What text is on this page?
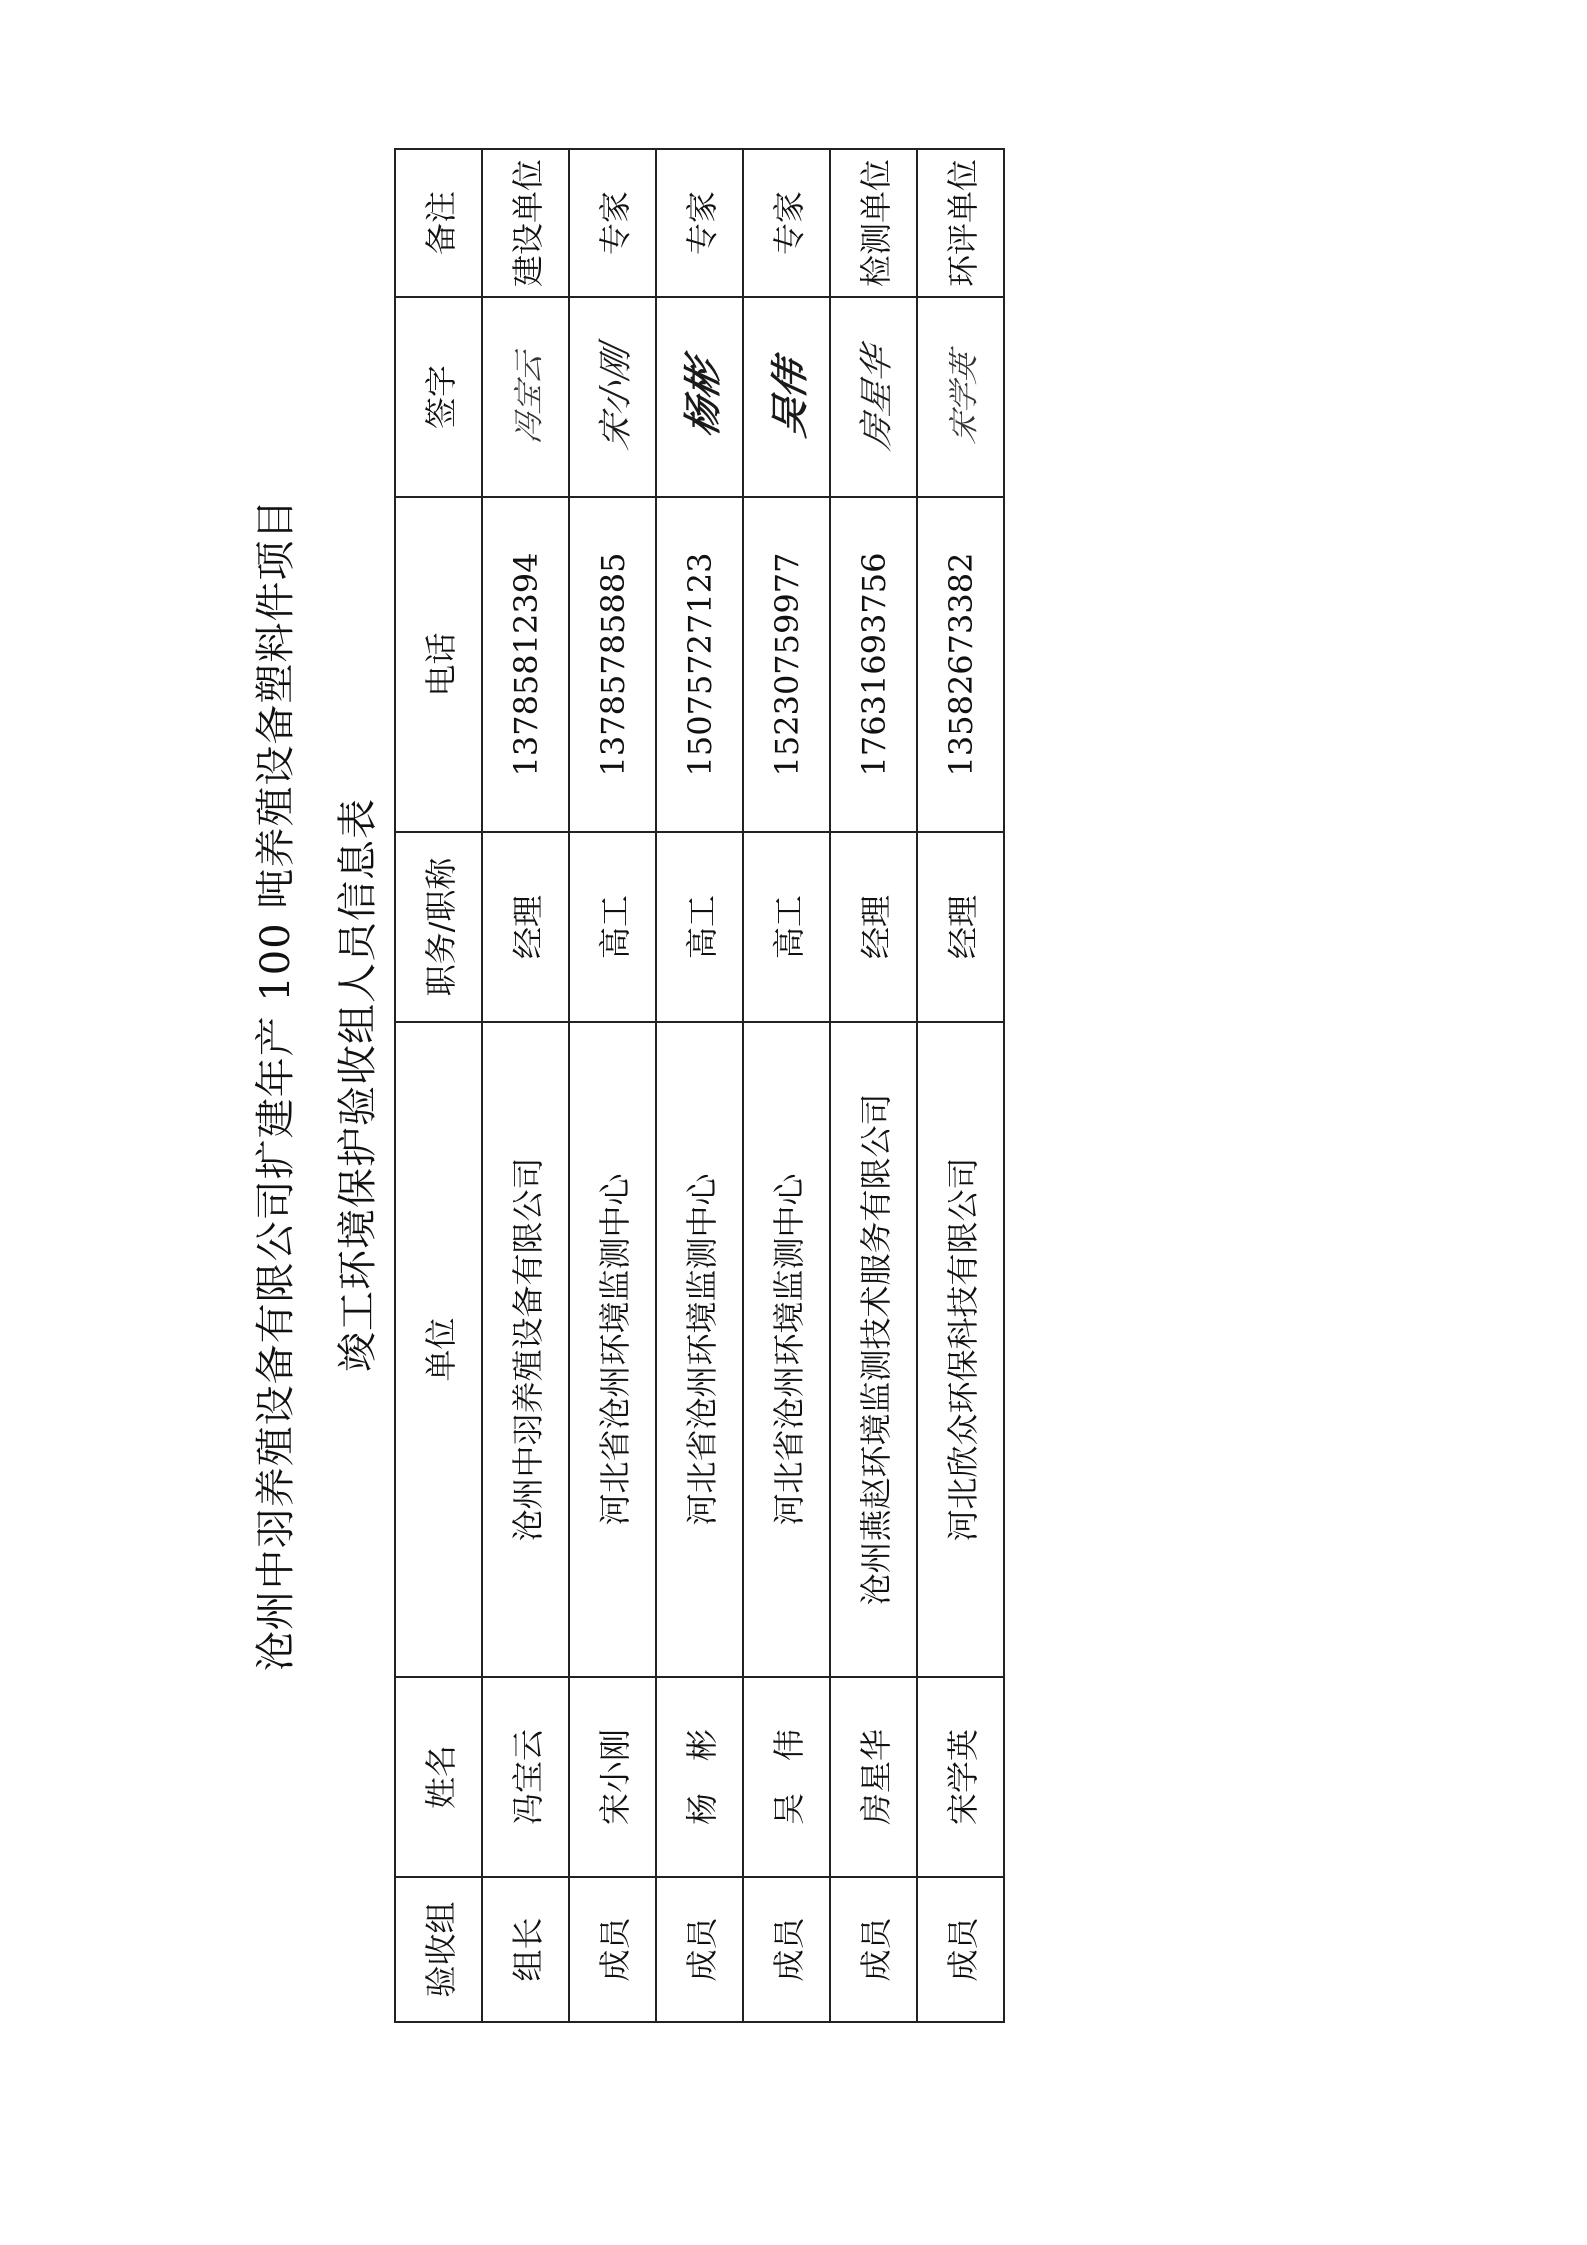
沧州中羽养殖设备有限公司扩建年产 100 吨养殖设备塑料件项目 竣工环境保护验收组人员信息表
验收组	姓名	单位	职务/职称	电话	签字	备注
组长	冯宝云	沧州中羽养殖设备有限公司	经理	13785812394	冯宝云	建设单位
成员	宋小刚	河北省沧州环境监测中心	高工	13785785885	宋小刚	专家
成员	杨　彬	河北省沧州环境监测中心	高工	15075727123	杨彬	专家
成员	吴　伟	河北省沧州环境监测中心	高工	15230759977	吴伟	专家
成员	房星华	沧州燕赵环境监测技术服务有限公司	经理	17631693756	房星华	检测单位
成员	宋学英	河北欣众环保科技有限公司	经理	13582673382	宋学英	环评单位
